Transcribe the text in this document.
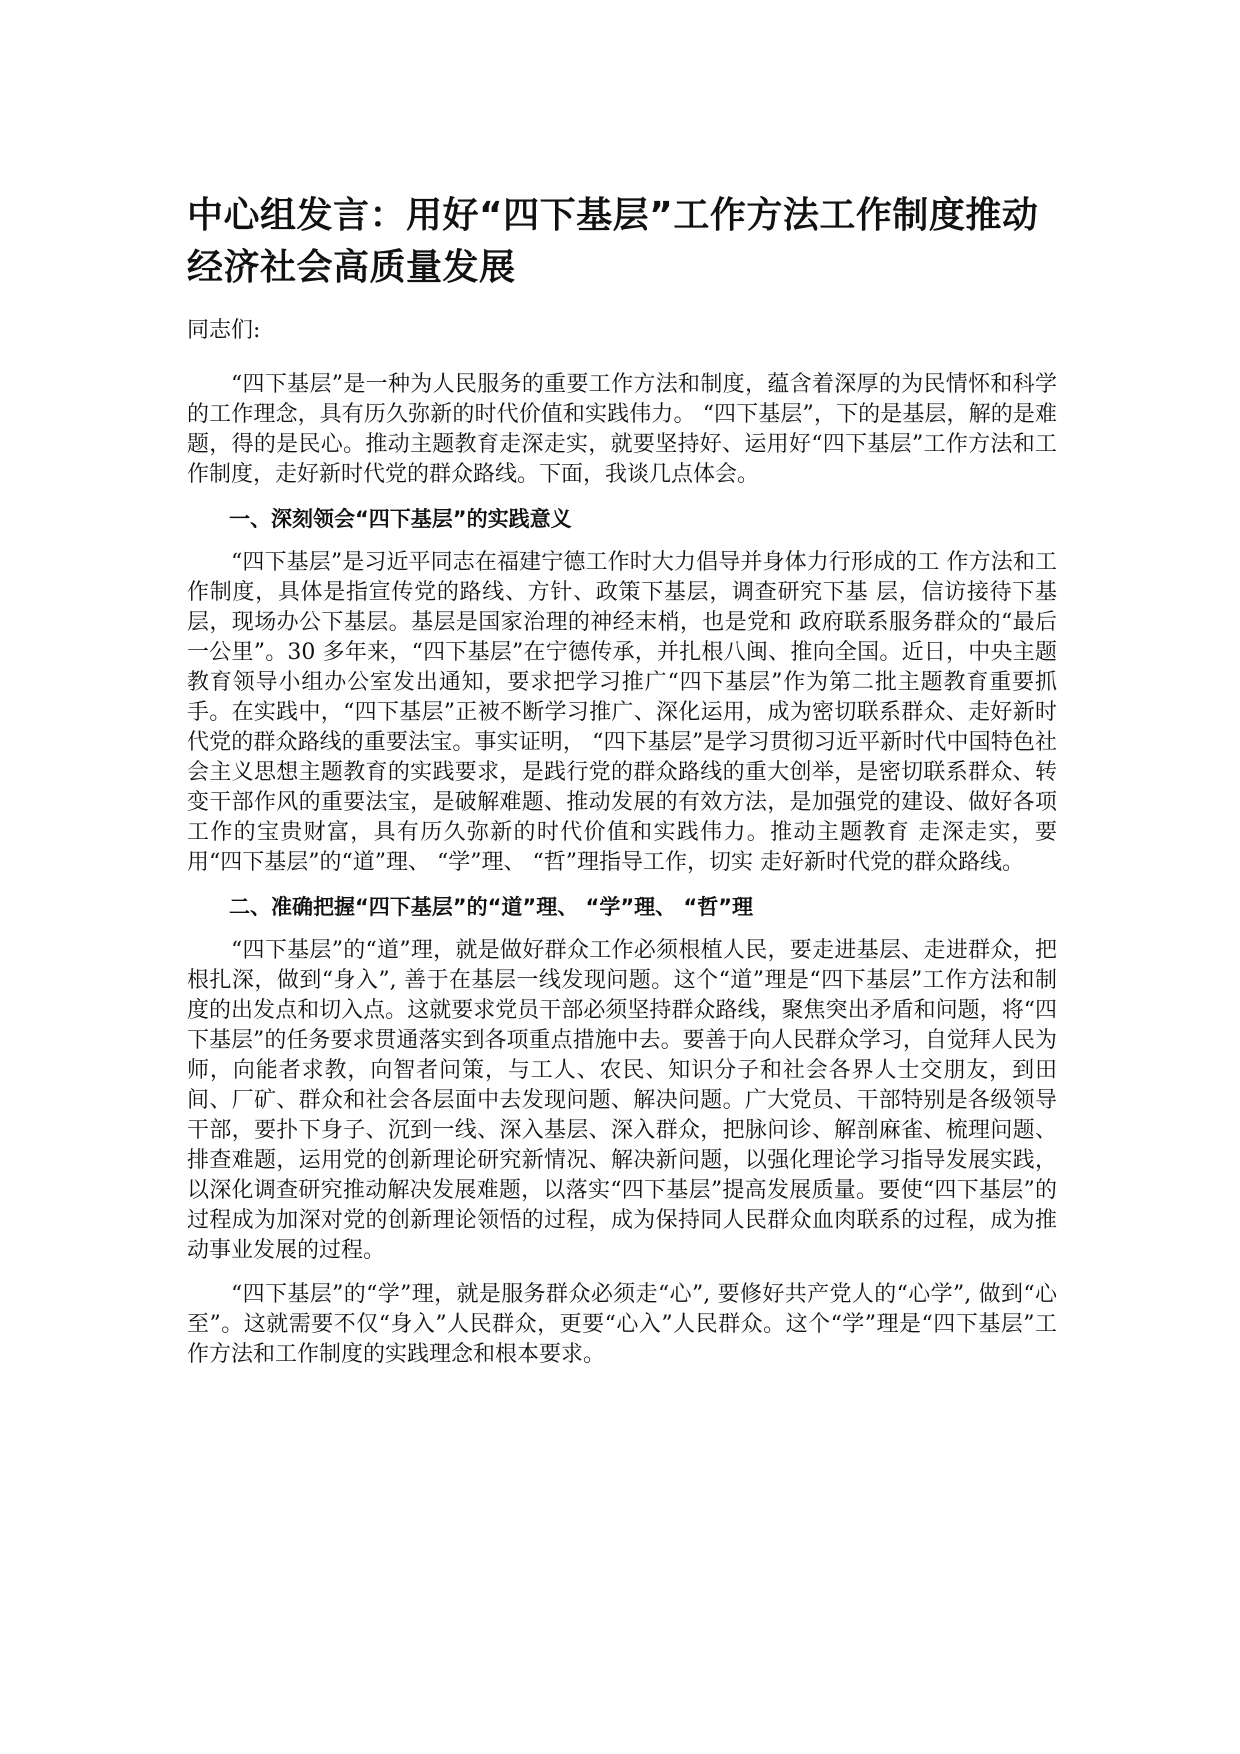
中心组发言：用好“四下基层”工作方法工作制度推动经济社会高质量发展

同志们:

“四下基层”是一种为人民服务的重要工作方法和制度，蕴含着深厚的为民情怀和科学的工作理念，具有历久弥新的时代价值和实践伟力。 “四下基层”，下的是基层，解的是难题，得的是民心。推动主题教育走深走实，就要坚持好、运用好“四下基层”工作方法和工作制度，走好新时代党的群众路线。下面，我谈几点体会。

一、深刻领会“四下基层”的实践意义

“四下基层”是习近平同志在福建宁德工作时大力倡导并身体力行形成的工 作方法和工作制度，具体是指宣传党的路线、方针、政策下基层，调查研究下基 层，信访接待下基层，现场办公下基层。基层是国家治理的神经末梢，也是党和 政府联系服务群众的“最后一公里”。30 多年来，“四下基层”在宁德传承，并扎根八闽、推向全国。近日，中央主题教育领导小组办公室发出通知，要求把学习推广“四下基层”作为第二批主题教育重要抓手。在实践中，“四下基层”正被不断学习推广、深化运用，成为密切联系群众、走好新时代党的群众路线的重要法宝。事实证明， “四下基层”是学习贯彻习近平新时代中国特色社会主义思想主题教育的实践要求，是践行党的群众路线的重大创举，是密切联系群众、转变干部作风的重要法宝，是破解难题、推动发展的有效方法，是加强党的建设、做好各项工作的宝贵财富，具有历久弥新的时代价值和实践伟力。推动主题教育 走深走实，要用“四下基层”的“道”理、 “学”理、 “哲”理指导工作，切实 走好新时代党的群众路线。

二、准确把握“四下基层”的“道”理、 “学”理、 “哲”理

“四下基层”的“道”理，就是做好群众工作必须根植人民，要走进基层、走进群众，把根扎深，做到“身入”, 善于在基层一线发现问题。这个“道”理是“四下基层”工作方法和制度的出发点和切入点。这就要求党员干部必须坚持群众路线，聚焦突出矛盾和问题，将“四下基层”的任务要求贯通落实到各项重点措施中去。要善于向人民群众学习，自觉拜人民为师，向能者求教，向智者问策，与工人、农民、知识分子和社会各界人士交朋友，到田间、厂矿、群众和社会各层面中去发现问题、解决问题。广大党员、干部特别是各级领导干部，要扑下身子、沉到一线、深入基层、深入群众，把脉问诊、解剖麻雀、梳理问题、排查难题，运用党的创新理论研究新情况、解决新问题，以强化理论学习指导发展实践，以深化调查研究推动解决发展难题，以落实“四下基层”提高发展质量。要使“四下基层”的过程成为加深对党的创新理论领悟的过程，成为保持同人民群众血肉联系的过程，成为推动事业发展的过程。

“四下基层”的“学”理，就是服务群众必须走“心”, 要修好共产党人的“心学”, 做到“心至”。这就需要不仅“身入”人民群众，更要“心入”人民群众。这个“学”理是“四下基层”工作方法和工作制度的实践理念和根本要求。
